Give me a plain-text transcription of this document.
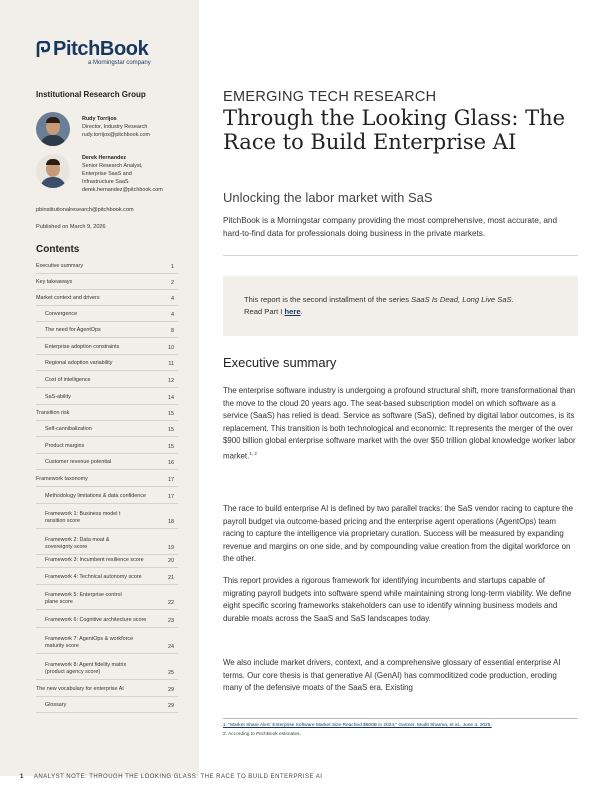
PitchBook
a Morningstar company
Institutional Research Group
Rudy Torrijos
Director, Industry Research
rudy.torrijos@pitchbook.com
Derek Hernandez
Senior Research Analyst,
Enterprise SaaS and
Infrastructure SaaS
derek.hernandez@pitchbook.com
pbinstitutionalresearch@pitchbook.com
Published on March 9, 2026
Contents
Executive summary	1
Key takeaways	2
Market context and drivers	4
Convergence	4
The need for AgentOps	8
Enterprise adoption constraints	10
Regional adoption variability	11
Cost of intelligence	12
SaS-ability	14
Transition risk	15
Self-cannibalization	15
Product margins	15
Customer revenue potential	16
Framework taxonomy	17
Methodology limitations & data confidence	17
Framework 1: Business model t
ransition score	18
Framework 2: Data moat &
sovereignty score	19
Framework 3: Incumbent resilience score	20
Framework 4: Technical autonomy score	21
Framework 5: Enterprise control
plane score	22
Framework 6: Cognitive architecture score	23
Framework 7: AgentOps & workforce
maturity score	24
Framework 8: Agent fidelity matrix
(product agency score)	25
The new vocabulary for enterprise AI	29
Glossary	29
EMERGING TECH RESEARCH
Through the Looking Glass: The Race to Build Enterprise AI
Unlocking the labor market with SaS
PitchBook is a Morningstar company providing the most comprehensive, most accurate, and hard-to-find data for professionals doing business in the private markets.
This report is the second installment of the series SaaS Is Dead, Long Live SaS.
Read Part I here.
Executive summary
The enterprise software industry is undergoing a profound structural shift, more transformational than the move to the cloud 20 years ago. The seat-based subscription model on which software as a service (SaaS) has relied is dead. Service as software (SaS), defined by digital labor outcomes, is its replacement. This transition is both technological and economic: It represents the merger of the over $900 billion global enterprise software market with the over $50 trillion global knowledge worker labor market.$^{1, 2}$
The race to build enterprise AI is defined by two parallel tracks: the SaS vendor racing to capture the payroll budget via outcome-based pricing and the enterprise agent operations (AgentOps) team racing to capture the intelligence via proprietary curation. Success will be measured by expanding revenue and margins on one side, and by compounding value creation from the digital workforce on the other.
This report provides a rigorous framework for identifying incumbents and startups capable of migrating payroll budgets into software spend while maintaining strong long-term viability. We define eight specific scoring frameworks stakeholders can use to identify winning business models and durable moats across the SaaS and SaS landscapes today.
We also include market drivers, context, and a comprehensive glossary of essential enterprise AI terms. Our core thesis is that generative AI (GenAI) has commoditized code production, eroding many of the defensive moats of the SaaS era. Existing
1: "Market Share Alert: Enterprise Software Market Size Reached $900B in 2024," Gartner, Mudit Sharma, et al., June 4, 2025.
2: According to PitchBook estimates.
1 ANALYST NOTE: THROUGH THE LOOKING GLASS: THE RACE TO BUILD ENTERPRISE AI
